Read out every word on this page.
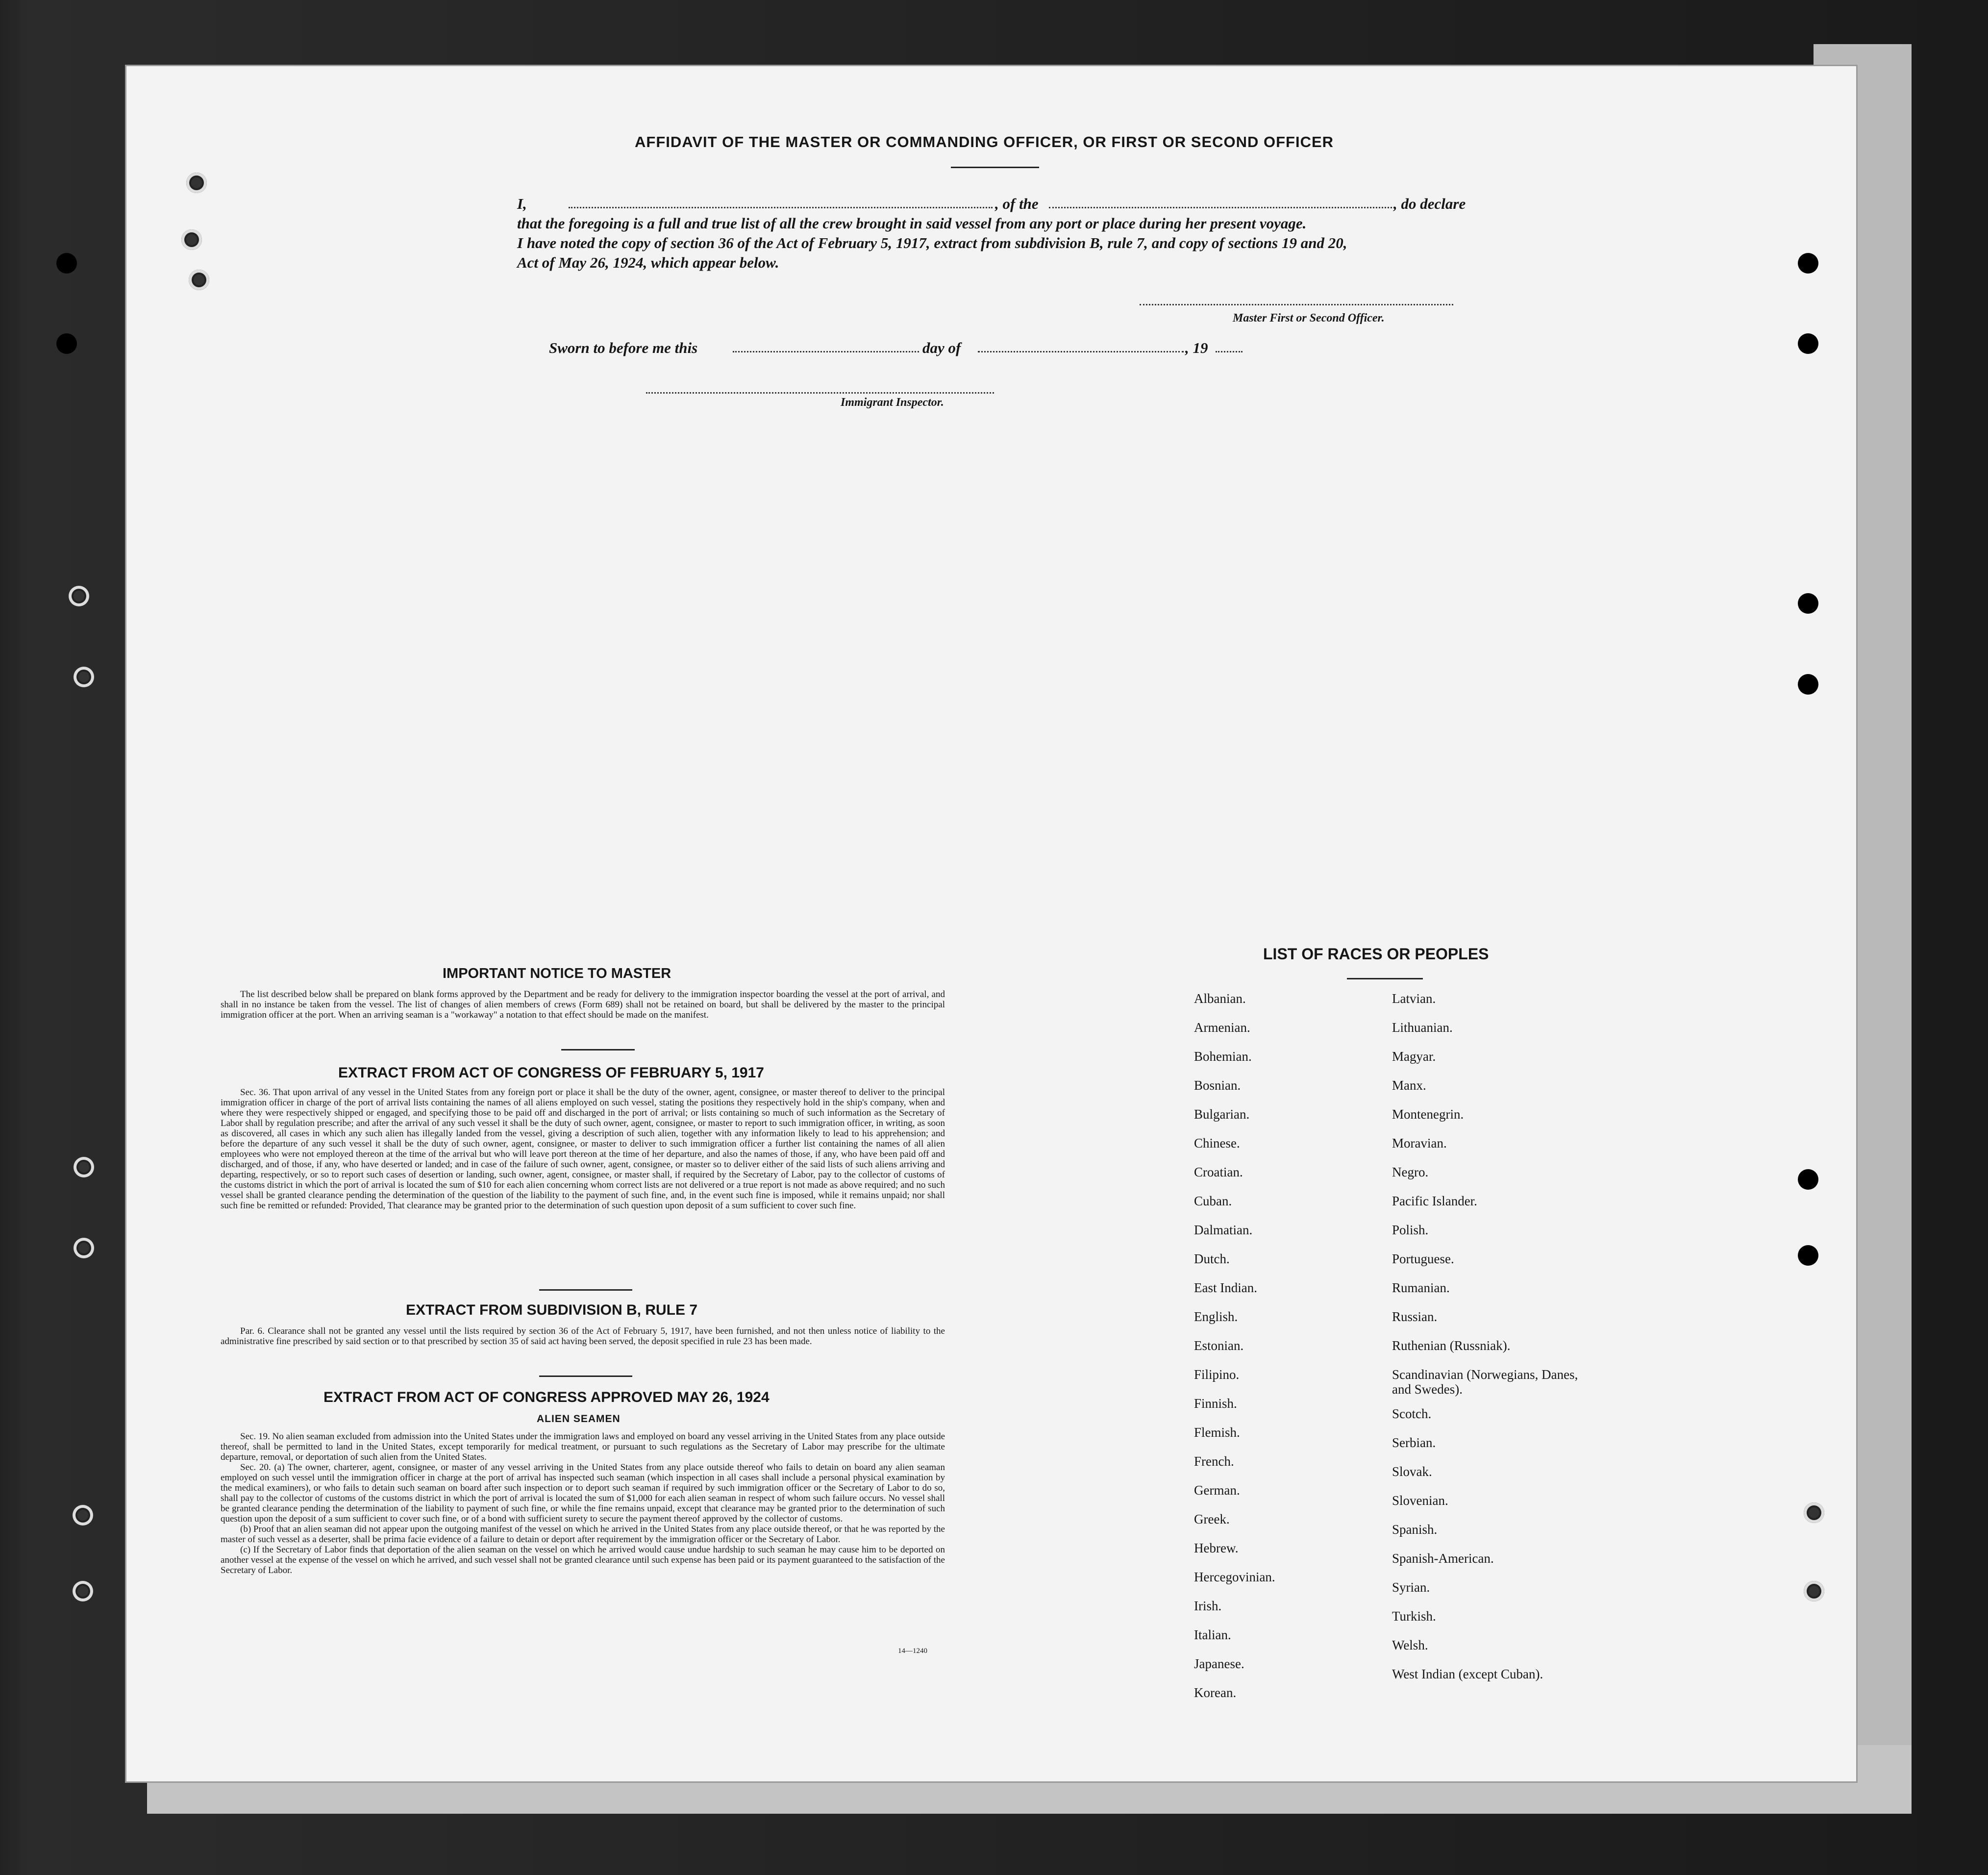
AFFIDAVIT OF THE MASTER OR COMMANDING OFFICER, OR FIRST OR SECOND OFFICER
I,	, of the	, do declare
that the foregoing is a full and true list of all the crew brought in said vessel from any port or place during her present voyage.
I have noted the copy of section 36 of the Act of February 5, 1917, extract from subdivision B, rule 7, and copy of sections 19 and 20,
Act of May 26, 1924, which appear below.
Master First or Second Officer.
Sworn to before me this	day of	, 19
Immigrant Inspector.
IMPORTANT NOTICE TO MASTER

The list described below shall be prepared on blank forms approved by the Department and be ready for delivery to the immigration inspector boarding the vessel at the port of arrival, and shall in no instance be taken from the vessel. The list of changes of alien members of crews (Form 689) shall not be retained on board, but shall be delivered by the master to the principal immigration officer at the port. When an arriving seaman is a "workaway" a notation to that effect should be made on the manifest.

EXTRACT FROM ACT OF CONGRESS OF FEBRUARY 5, 1917

Sec. 36. That upon arrival of any vessel in the United States from any foreign port or place it shall be the duty of the owner, agent, consignee, or master thereof to deliver to the principal immigration officer in charge of the port of arrival lists containing the names of all aliens employed on such vessel, stating the positions they respectively hold in the ship's company, when and where they were respectively shipped or engaged, and specifying those to be paid off and discharged in the port of arrival; or lists containing so much of such information as the Secretary of Labor shall by regulation prescribe; and after the arrival of any such vessel it shall be the duty of such owner, agent, consignee, or master to report to such immigration officer, in writing, as soon as discovered, all cases in which any such alien has illegally landed from the vessel, giving a description of such alien, together with any information likely to lead to his apprehension; and before the departure of any such vessel it shall be the duty of such owner, agent, consignee, or master to deliver to such immigration officer a further list containing the names of all alien employees who were not employed thereon at the time of the arrival but who will leave port thereon at the time of her departure, and also the names of those, if any, who have been paid off and discharged, and of those, if any, who have deserted or landed; and in case of the failure of such owner, agent, consignee, or master so to deliver either of the said lists of such aliens arriving and departing, respectively, or so to report such cases of desertion or landing, such owner, agent, consignee, or master shall, if required by the Secretary of Labor, pay to the collector of customs of the customs district in which the port of arrival is located the sum of $10 for each alien concerning whom correct lists are not delivered or a true report is not made as above required; and no such vessel shall be granted clearance pending the determination of the question of the liability to the payment of such fine, and, in the event such fine is imposed, while it remains unpaid; nor shall such fine be remitted or refunded: Provided, That clearance may be granted prior to the determination of such question upon deposit of a sum sufficient to cover such fine.

EXTRACT FROM SUBDIVISION B, RULE 7

Par. 6. Clearance shall not be granted any vessel until the lists required by section 36 of the Act of February 5, 1917, have been furnished, and not then unless notice of liability to the administrative fine prescribed by said section or to that prescribed by section 35 of said act having been served, the deposit specified in rule 23 has been made.

EXTRACT FROM ACT OF CONGRESS APPROVED MAY 26, 1924
ALIEN SEAMEN

Sec. 19. No alien seaman excluded from admission into the United States under the immigration laws and employed on board any vessel arriving in the United States from any place outside thereof, shall be permitted to land in the United States, except temporarily for medical treatment, or pursuant to such regulations as the Secretary of Labor may prescribe for the ultimate departure, removal, or deportation of such alien from the United States.

Sec. 20. (a) The owner, charterer, agent, consignee, or master of any vessel arriving in the United States from any place outside thereof who fails to detain on board any alien seaman employed on such vessel until the immigration officer in charge at the port of arrival has inspected such seaman (which inspection in all cases shall include a personal physical examination by the medical examiners), or who fails to detain such seaman on board after such inspection or to deport such seaman if required by such immigration officer or the Secretary of Labor to do so, shall pay to the collector of customs of the customs district in which the port of arrival is located the sum of $1,000 for each alien seaman in respect of whom such failure occurs. No vessel shall be granted clearance pending the determination of the liability to payment of such fine, or while the fine remains unpaid, except that clearance may be granted prior to the determination of such question upon the deposit of a sum sufficient to cover such fine, or of a bond with sufficient surety to secure the payment thereof approved by the collector of customs.

(b) Proof that an alien seaman did not appear upon the outgoing manifest of the vessel on which he arrived in the United States from any place outside thereof, or that he was reported by the master of such vessel as a deserter, shall be prima facie evidence of a failure to detain or deport after requirement by the immigration officer or the Secretary of Labor.

(c) If the Secretary of Labor finds that deportation of the alien seaman on the vessel on which he arrived would cause undue hardship to such seaman he may cause him to be deported on another vessel at the expense of the vessel on which he arrived, and such vessel shall not be granted clearance until such expense has been paid or its payment guaranteed to the satisfaction of the Secretary of Labor.

14—1240
LIST OF RACES OR PEOPLES
Albanian.
Armenian.
Bohemian.
Bosnian.
Bulgarian.
Chinese.
Croatian.
Cuban.
Dalmatian.
Dutch.
East Indian.
English.
Estonian.
Filipino.
Finnish.
Flemish.
French.
German.
Greek.
Hebrew.
Hercegovinian.
Irish.
Italian.
Japanese.
Korean.
Latvian.
Lithuanian.
Magyar.
Manx.
Montenegrin.
Moravian.
Negro.
Pacific Islander.
Polish.
Portuguese.
Rumanian.
Russian.
Ruthenian (Russniak).
Scandinavian (Norwegians, Danes, and Swedes).
Scotch.
Serbian.
Slovak.
Slovenian.
Spanish.
Spanish-American.
Syrian.
Turkish.
Welsh.
West Indian (except Cuban).
